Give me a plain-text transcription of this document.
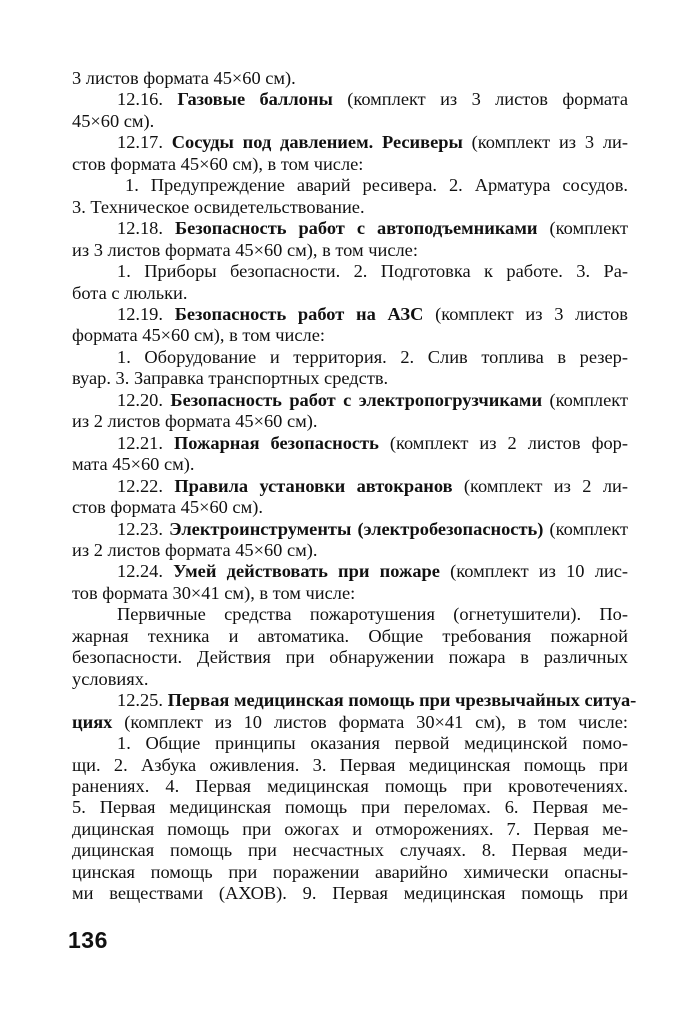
3 листов формата 45×60 см).
12.16. Газовые баллоны (комплект из 3 листов формата
45×60 см).
12.17. Сосуды под давлением. Ресиверы (комплект из 3 ли-
стов формата 45×60 см), в том числе:
1. Предупреждение аварий ресивера. 2. Арматура сосудов.
3. Техническое освидетельствование.
12.18. Безопасность работ с автоподъемниками (комплект
из 3 листов формата 45×60 см), в том числе:
1. Приборы безопасности. 2. Подготовка к работе. 3. Ра-
бота с люльки.
12.19. Безопасность работ на АЗС (комплект из 3 листов
формата 45×60 см), в том числе:
1. Оборудование и территория. 2. Слив топлива в резер-
вуар. 3. Заправка транспортных средств.
12.20. Безопасность работ с электропогрузчиками (комплект
из 2 листов формата 45×60 см).
12.21. Пожарная безопасность (комплект из 2 листов фор-
мата 45×60 см).
12.22. Правила установки автокранов (комплект из 2 ли-
стов формата 45×60 см).
12.23. Электроинструменты (электробезопасность) (комплект
из 2 листов формата 45×60 см).
12.24. Умей действовать при пожаре (комплект из 10 лис-
тов формата 30×41 см), в том числе:
Первичные средства пожаротушения (огнетушители). По-
жарная техника и автоматика. Общие требования пожарной
безопасности. Действия при обнаружении пожара в различных
условиях.
12.25. Первая медицинская помощь при чрезвычайных ситуа-
циях (комплект из 10 листов формата 30×41 см), в том числе:
1. Общие принципы оказания первой медицинской помо-
щи. 2. Азбука оживления. 3. Первая медицинская помощь при
ранениях. 4. Первая медицинская помощь при кровотечениях.
5. Первая медицинская помощь при переломах. 6. Первая ме-
дицинская помощь при ожогах и отморожениях. 7. Первая ме-
дицинская помощь при несчастных случаях. 8. Первая меди-
цинская помощь при поражении аварийно химически опасны-
ми веществами (АХОВ). 9. Первая медицинская помощь при
136
